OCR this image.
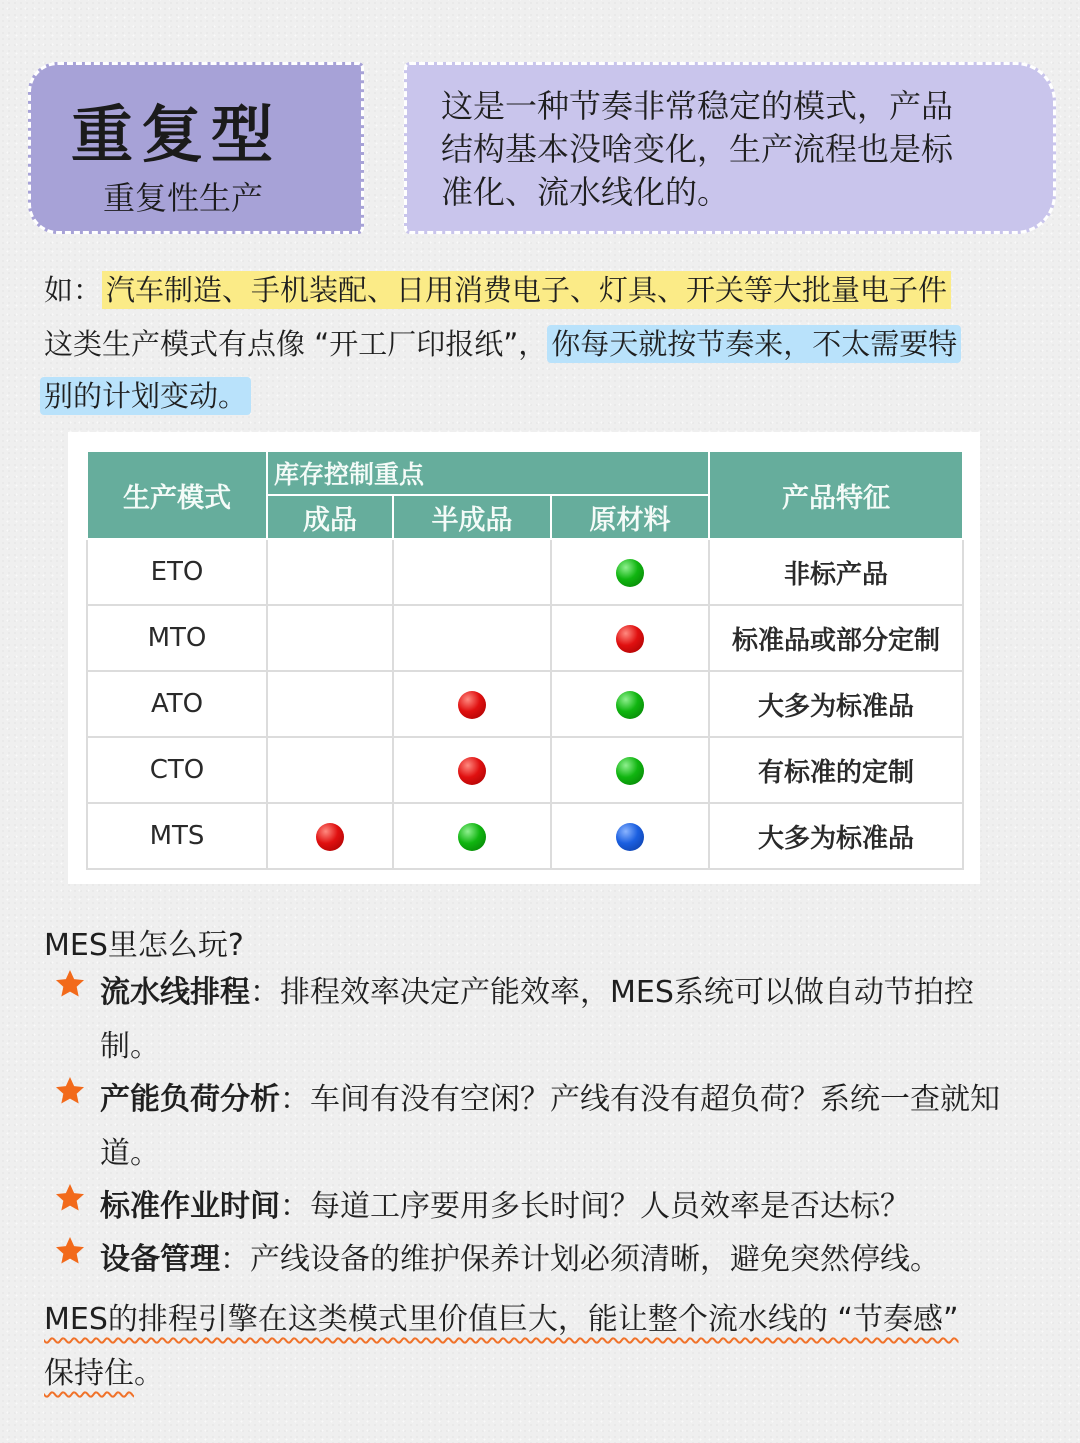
重复型
重复性生产
这是一种节奏非常稳定的模式，产品
结构基本没啥变化，生产流程也是标
准化、流水线化的。
如： 汽车制造、手机装配、日用消费电子、灯具、开关等大批量电子件
这类生产模式有点像 “开工厂印报纸”， 你每天就按节奏来，不太需要特
别的计划变动。
生产模式	库存控制重点			产品特征
	成品	半成品	原材料	
ETO				非标产品
MTO				标准品或部分定制
ATO				大多为标准品
CTO				有标准的定制
MTS				大多为标准品
MES里怎么玩?
流水线排程：排程效率决定产能效率，MES系统可以做自动节拍控
制。
产能负荷分析：车间有没有空闲？产线有没有超负荷？系统一查就知
道。
标准作业时间：每道工序要用多长时间？人员效率是否达标？
设备管理：产线设备的维护保养计划必须清晰，避免突然停线。
MES的排程引擎在这类模式里价值巨大，能让整个流水线的 “节奏感”
保持住。
